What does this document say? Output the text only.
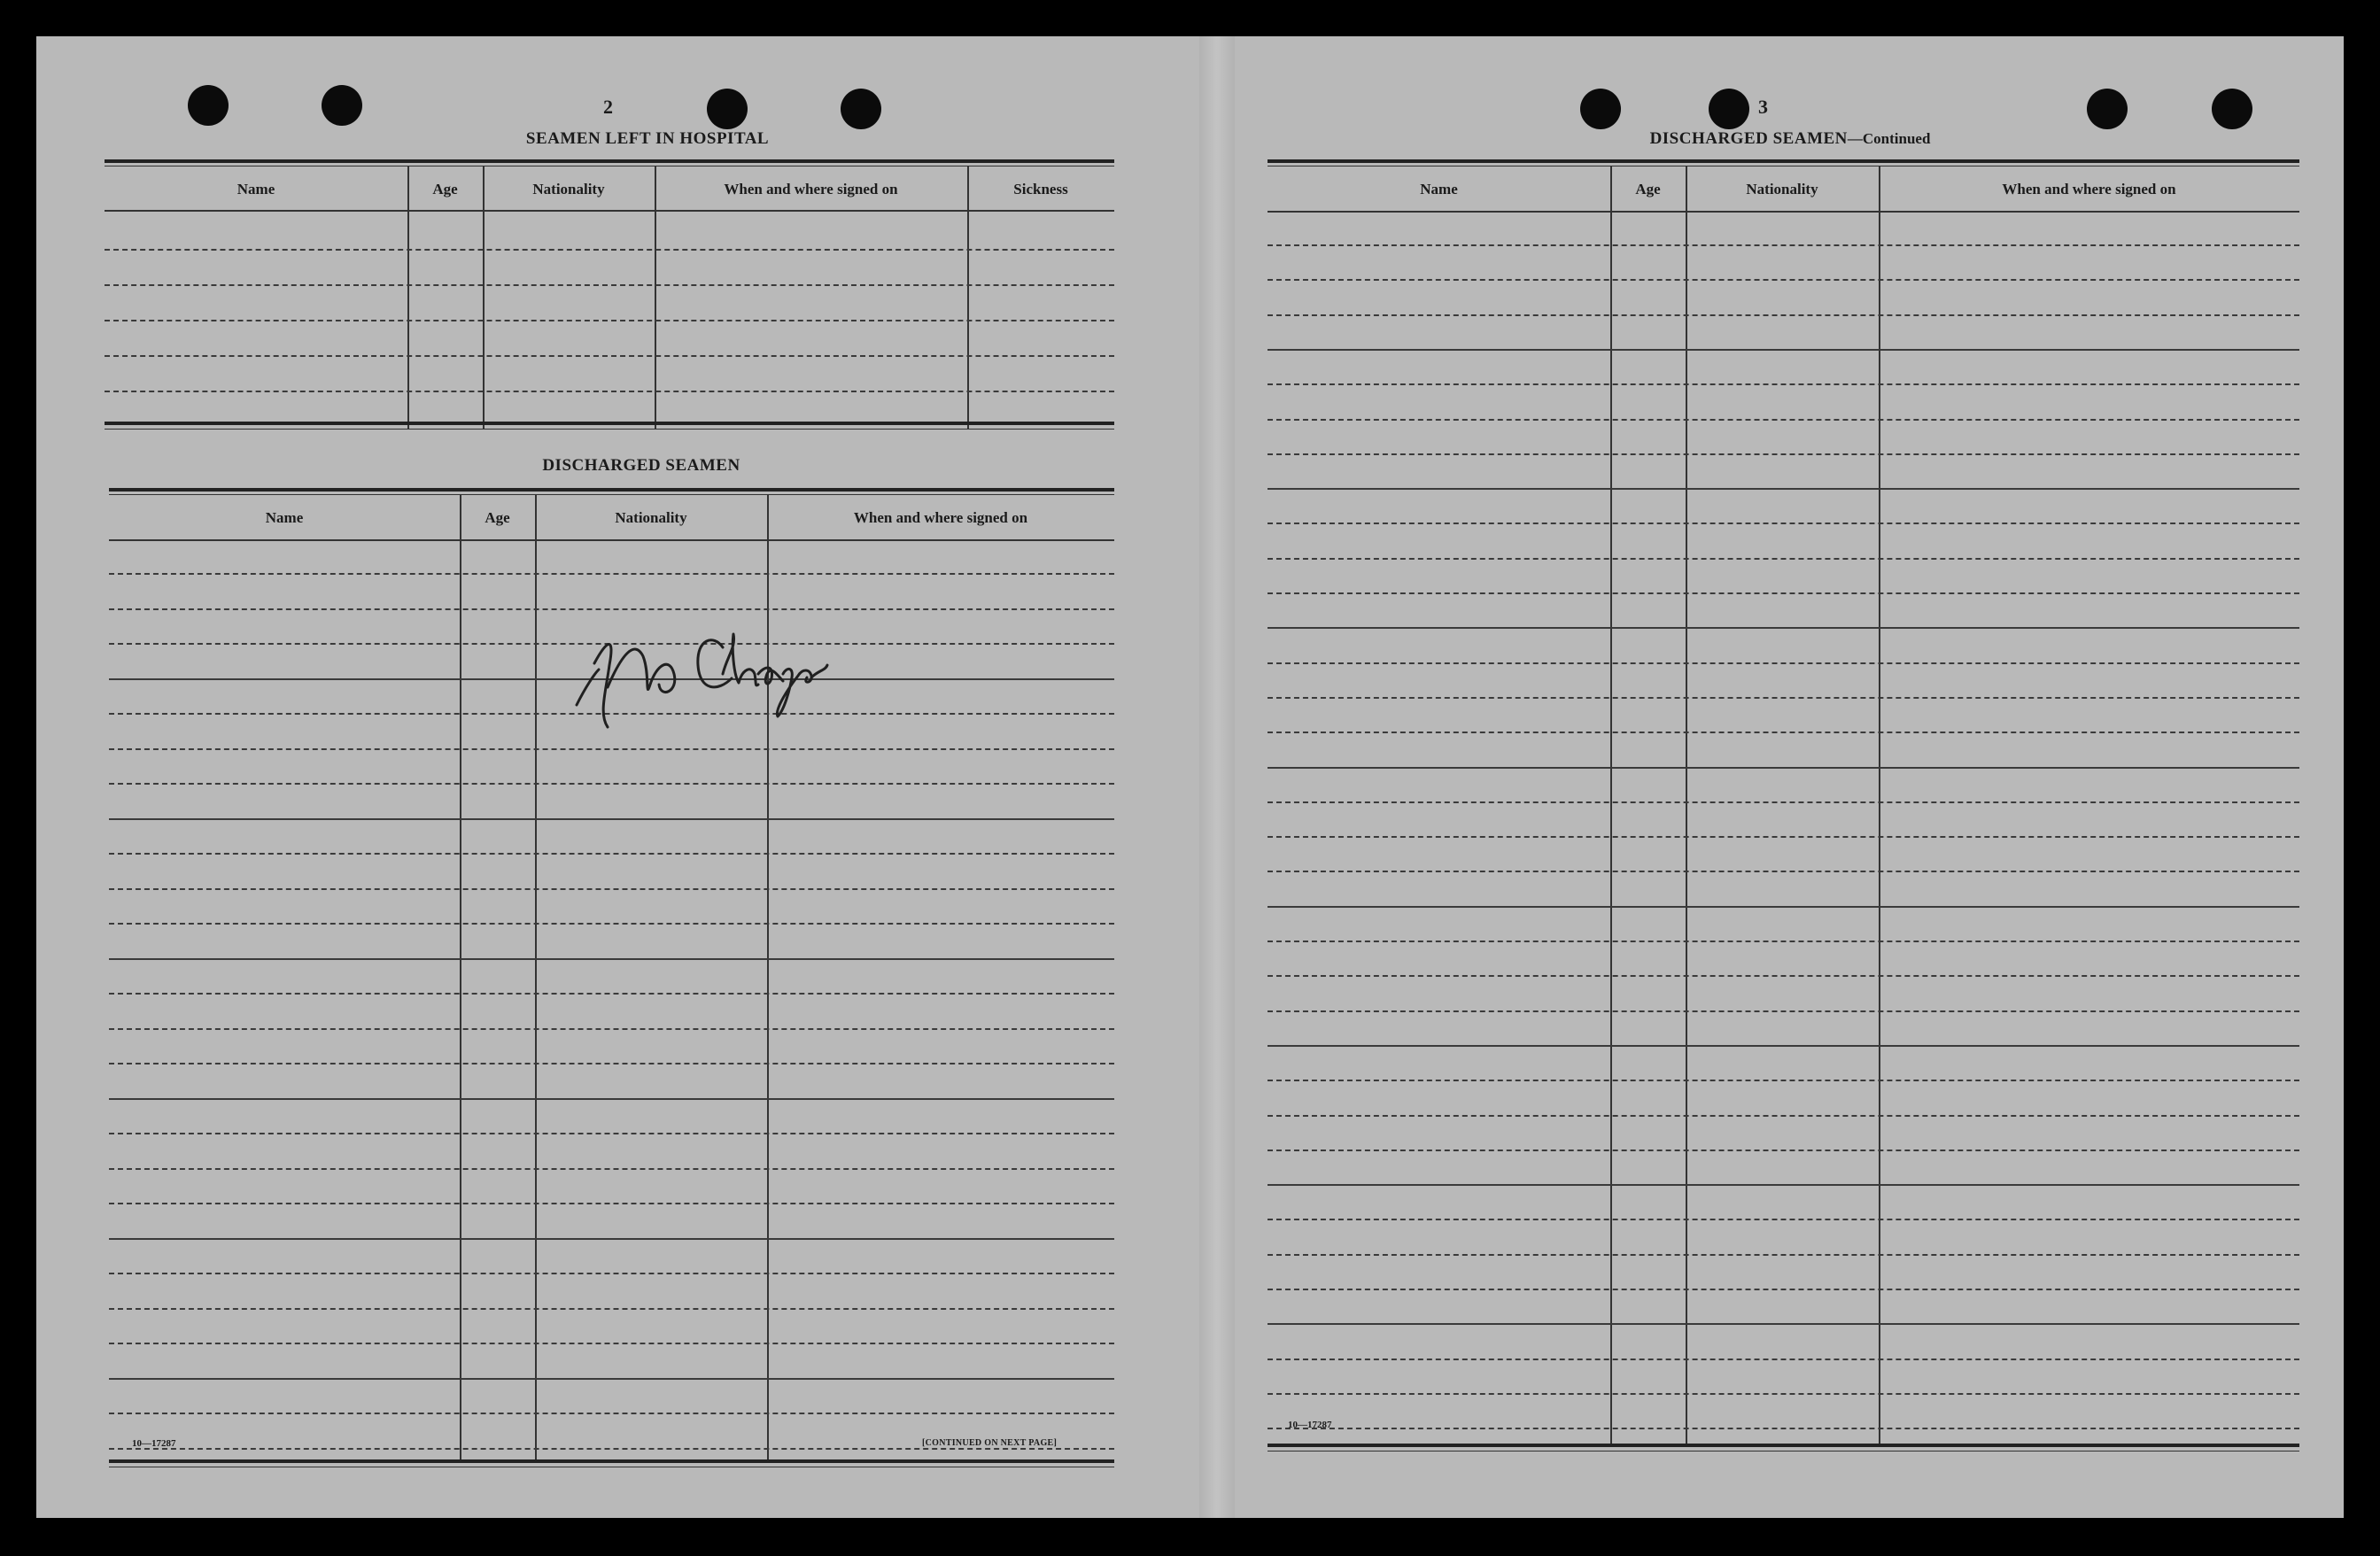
2
SEAMEN LEFT IN HOSPITAL
Name	Age	Nationality	When and where signed on	Sickness
DISCHARGED SEAMEN
Name	Age	Nationality	When and where signed on
10—17287	[CONTINUED ON NEXT PAGE]
3
DISCHARGED SEAMEN—Continued
Name	Age	Nationality	When and where signed on
10—17287
